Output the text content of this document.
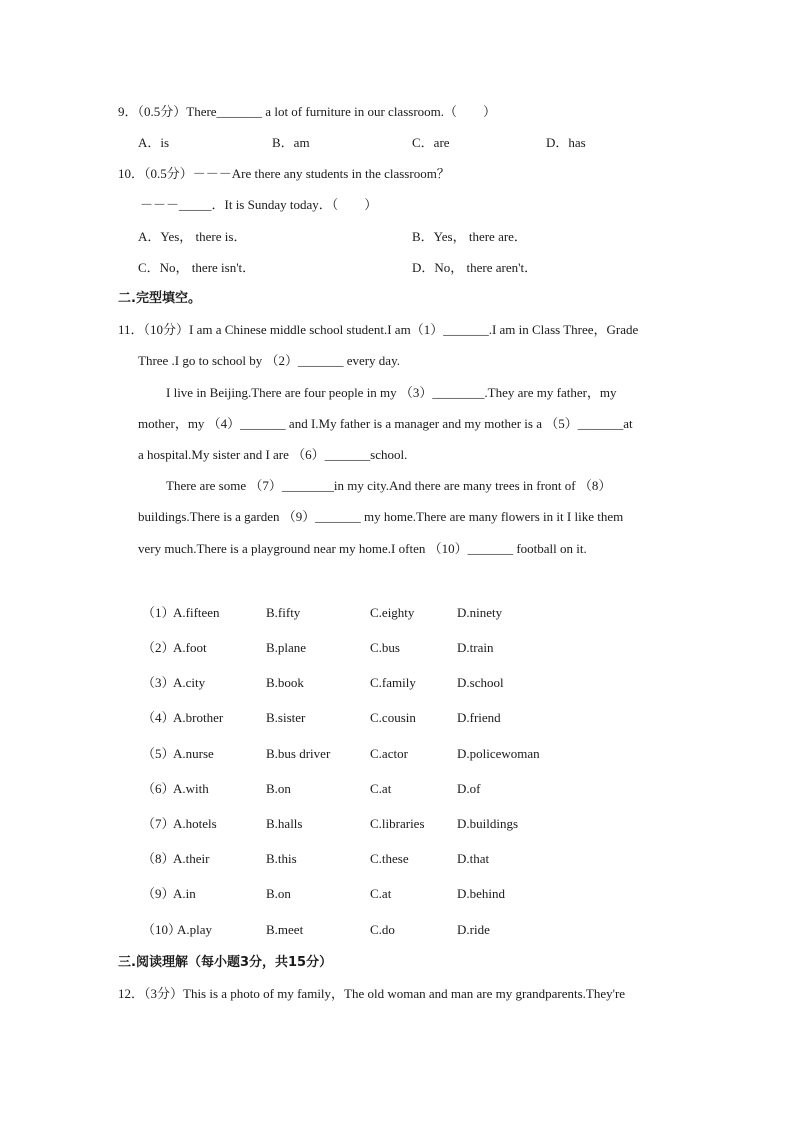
9．（0.5分）There_______ a lot of furniture in our classroom.（　　）
A．is	B．am	C．are	D．has
10．（0.5分）－－－Are there any students in the classroom？
－－－_____．It is Sunday today．（　　）
A．Yes， there is．	B．Yes， there are．
C．No， there isn't．	D．No， there aren't．
二.完型填空。
11．（10分）I am a Chinese middle school student.I am（1）_______.I am in Class Three，Grade
Three .I go to school by （2）_______ every day.
I live in Beijing.There are four people in my （3）________.They are my father，my
mother，my （4）_______ and I.My father is a manager and my mother is a （5）_______at
a hospital.My sister and I are （6）_______school.
There are some （7）________in my city.And there are many trees in front of （8）
buildings.There is a garden （9）_______ my home.There are many flowers in it I like them
very much.There is a playground near my home.I often （10）_______ football on it.
（1）
A.fifteen	B.fifty	C.eighty	D.ninety
（2）
A.foot	B.plane	C.bus	D.train
（3）
A.city	B.book	C.family	D.school
（4）
A.brother	B.sister	C.cousin	D.friend
（5）
A.nurse	B.bus driver	C.actor	D.policewoman
（6）
A.with	B.on	C.at	D.of
（7）
A.hotels	B.halls	C.libraries D.buildings
（8）
A.their	B.this	C.these	D.that
（9）
A.in	B.on	C.at	D.behind
（10）
A.play	B.meet	C.do	D.ride
三.阅读理解（每小题3分，共15分）
12．（3分）This is a photo of my family，The old woman and man are my grandparents.They're
